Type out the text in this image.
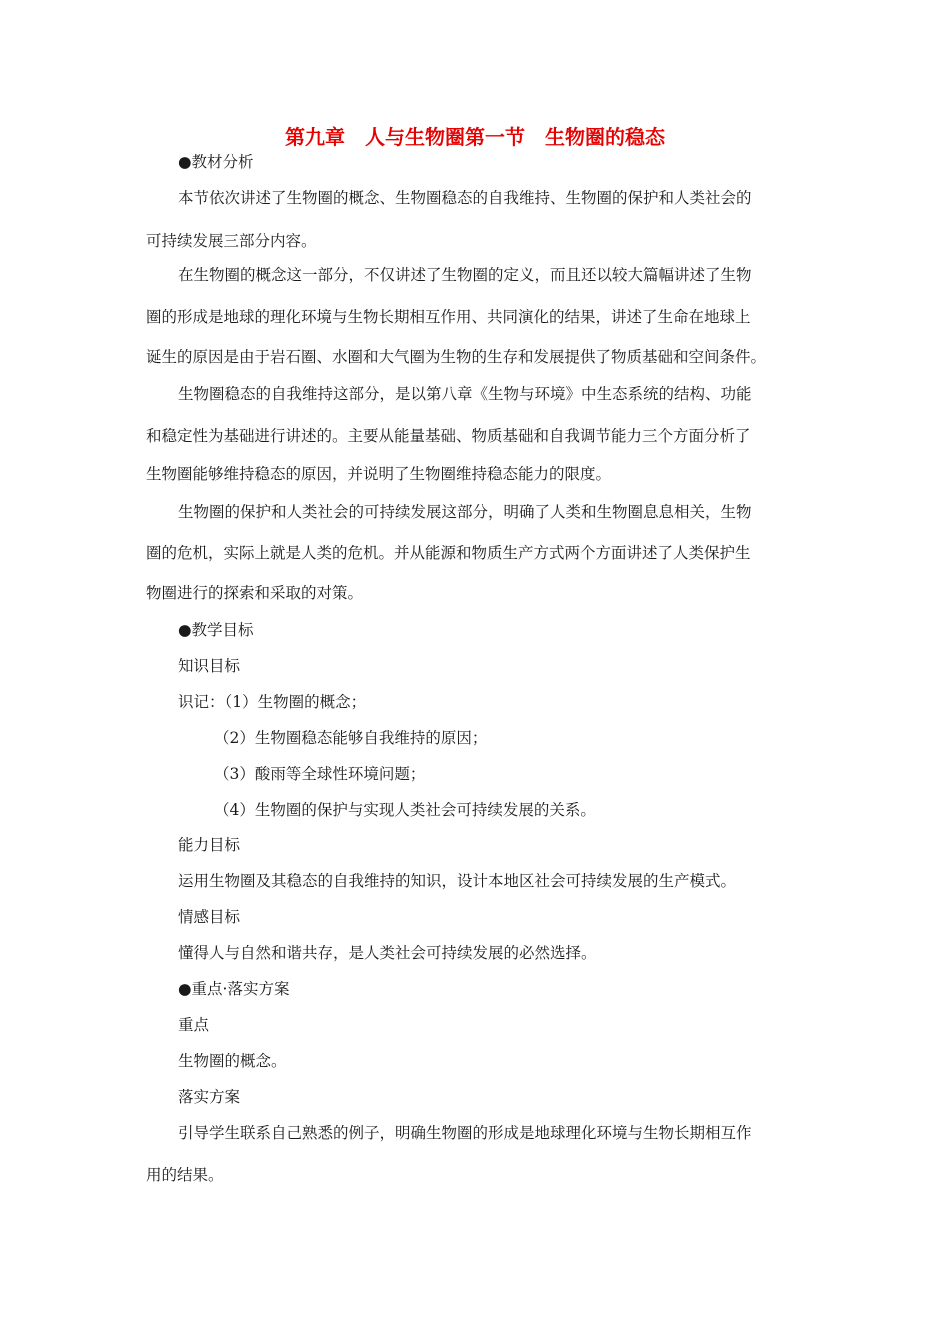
第九章　人与生物圈第一节　生物圈的稳态
●教材分析
本节依次讲述了生物圈的概念、生物圈稳态的自我维持、生物圈的保护和人类社会的
可持续发展三部分内容。
在生物圈的概念这一部分，不仅讲述了生物圈的定义，而且还以较大篇幅讲述了生物
圈的形成是地球的理化环境与生物长期相互作用、共同演化的结果，讲述了生命在地球上
诞生的原因是由于岩石圈、水圈和大气圈为生物的生存和发展提供了物质基础和空间条件。
生物圈稳态的自我维持这部分，是以第八章《生物与环境》中生态系统的结构、功能
和稳定性为基础进行讲述的。主要从能量基础、物质基础和自我调节能力三个方面分析了
生物圈能够维持稳态的原因，并说明了生物圈维持稳态能力的限度。
生物圈的保护和人类社会的可持续发展这部分，明确了人类和生物圈息息相关，生物
圈的危机，实际上就是人类的危机。并从能源和物质生产方式两个方面讲述了人类保护生
物圈进行的探索和采取的对策。
●教学目标
知识目标
识记：（1）生物圈的概念；
（2）生物圈稳态能够自我维持的原因；
（3）酸雨等全球性环境问题；
（4）生物圈的保护与实现人类社会可持续发展的关系。
能力目标
运用生物圈及其稳态的自我维持的知识，设计本地区社会可持续发展的生产模式。
情感目标
懂得人与自然和谐共存，是人类社会可持续发展的必然选择。
●重点·落实方案
重点
生物圈的概念。
落实方案
引导学生联系自己熟悉的例子，明确生物圈的形成是地球理化环境与生物长期相互作
用的结果。
